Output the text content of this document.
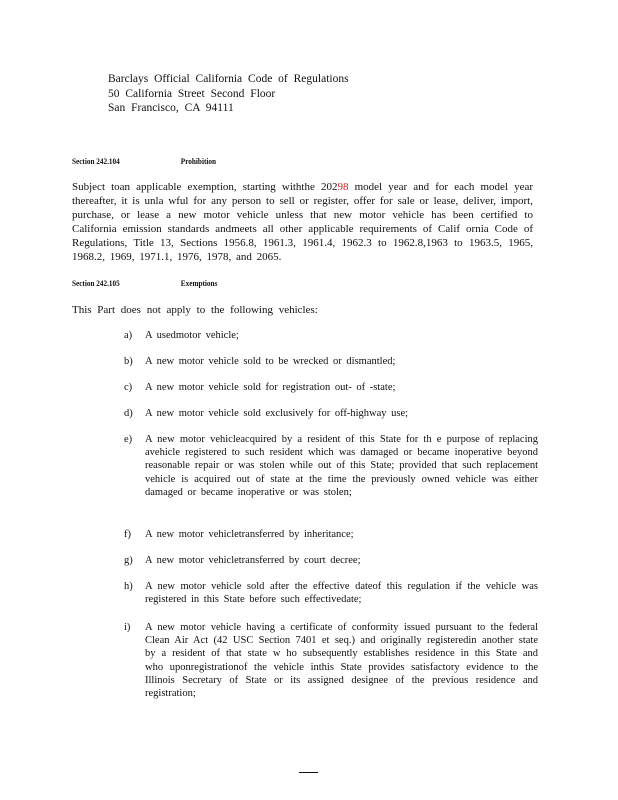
Barclays Official California Code of Regulations
50 California Street Second Floor
San Francisco, CA 94111
Section 242.104	Prohibition
Subject toan applicable exemption, starting withthe 20298 model year and for each model year thereafter, it is unla wful for any person to sell or register, offer for sale or lease, deliver, import, purchase, or lease a new motor vehicle unless that new motor vehicle has been certified to California emission standards andmeets all other applicable requirements of Calif ornia Code of Regulations, Title 13, Sections 1956.8, 1961.3, 1961.4, 1962.3 to 1962.8,1963 to 1963.5, 1965, 1968.2, 1969, 1971.1, 1976, 1978, and 2065.
Section 242.105	Exemptions
This Part does not apply to the following vehicles:
a)	A usedmotor vehicle;
b)	A new motor vehicle sold to be wrecked or dismantled;
c)	A new motor vehicle sold for registration out- of -state;
d)	A new motor vehicle sold exclusively for off-highway use;
e)	A new motor vehicleacquired by a resident of this State for th e purpose of replacing avehicle registered to such resident which was damaged or became inoperative beyond reasonable repair or was stolen while out of this State; provided that such replacement vehicle is acquired out of state at the time the previously owned vehicle was either damaged or became inoperative or was stolen;
f)	A new motor vehicletransferred by inheritance;
g)	A new motor vehicletransferred by court decree;
h)	A new motor vehicle sold after the effective dateof this regulation if the vehicle was registered in this State before such effectivedate;
i)	A new motor vehicle having a certificate of conformity issued pursuant to the federal Clean Air Act (42 USC Section 7401 et seq.) and originally registeredin another state by a resident of that state w ho subsequently establishes residence in this State and who uponregistrationof the vehicle inthis State provides satisfactory evidence to the Illinois Secretary of State or its assigned designee of the previous residence and registration;
